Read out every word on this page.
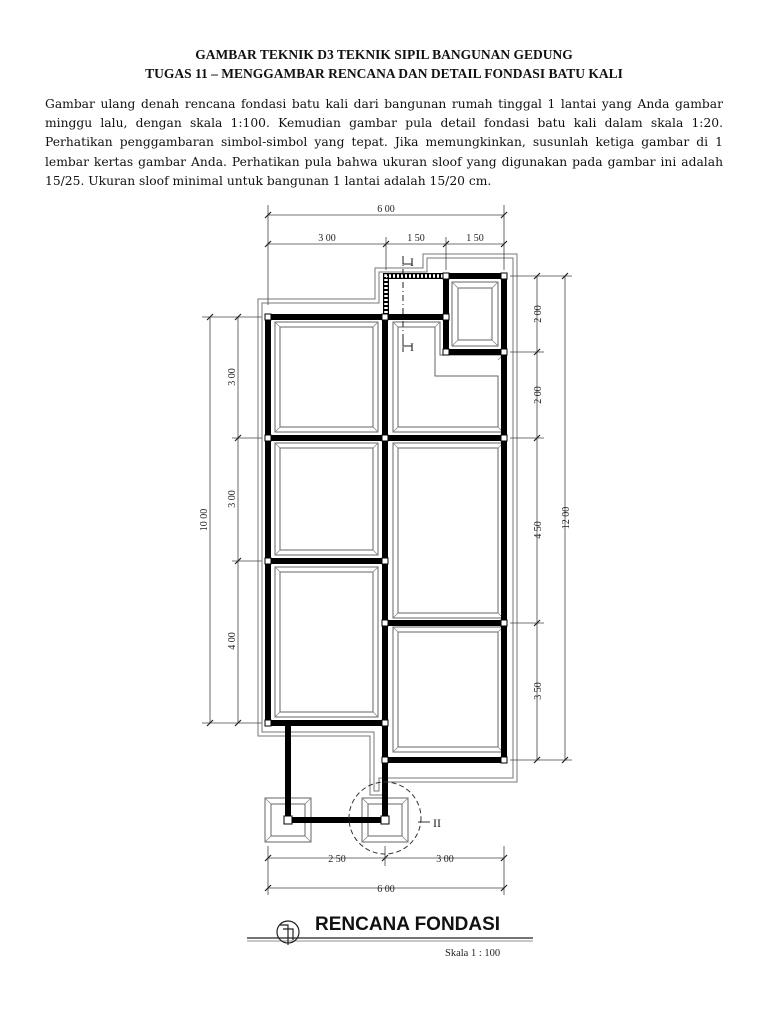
GAMBAR TEKNIK D3 TEKNIK SIPIL BANGUNAN GEDUNG
TUGAS 11 – MENGGAMBAR RENCANA DAN DETAIL FONDASI BATU KALI

Gambar ulang denah rencana fondasi batu kali dari bangunan rumah tinggal 1 lantai yang Anda gambar minggu lalu, dengan skala 1:100. Kemudian gambar pula detail fondasi batu kali dalam skala 1:20. Perhatikan penggambaran simbol-simbol yang tepat. Jika memungkinkan, susunlah ketiga gambar di 1 lembar kertas gambar Anda. Perhatikan pula bahwa ukuran sloof yang digunakan pada gambar ini adalah 15/25. Ukuran sloof minimal untuk bangunan 1 lantai adalah 15/20 cm.

I
I
II
6 00
3 00	1 50	1 50
10 00
3 00
3 00
4 00
12 00
2 00
2 00
4 50
3 50
2 50	3 00
6 00
RENCANA FONDASI
Skala 1 : 100
